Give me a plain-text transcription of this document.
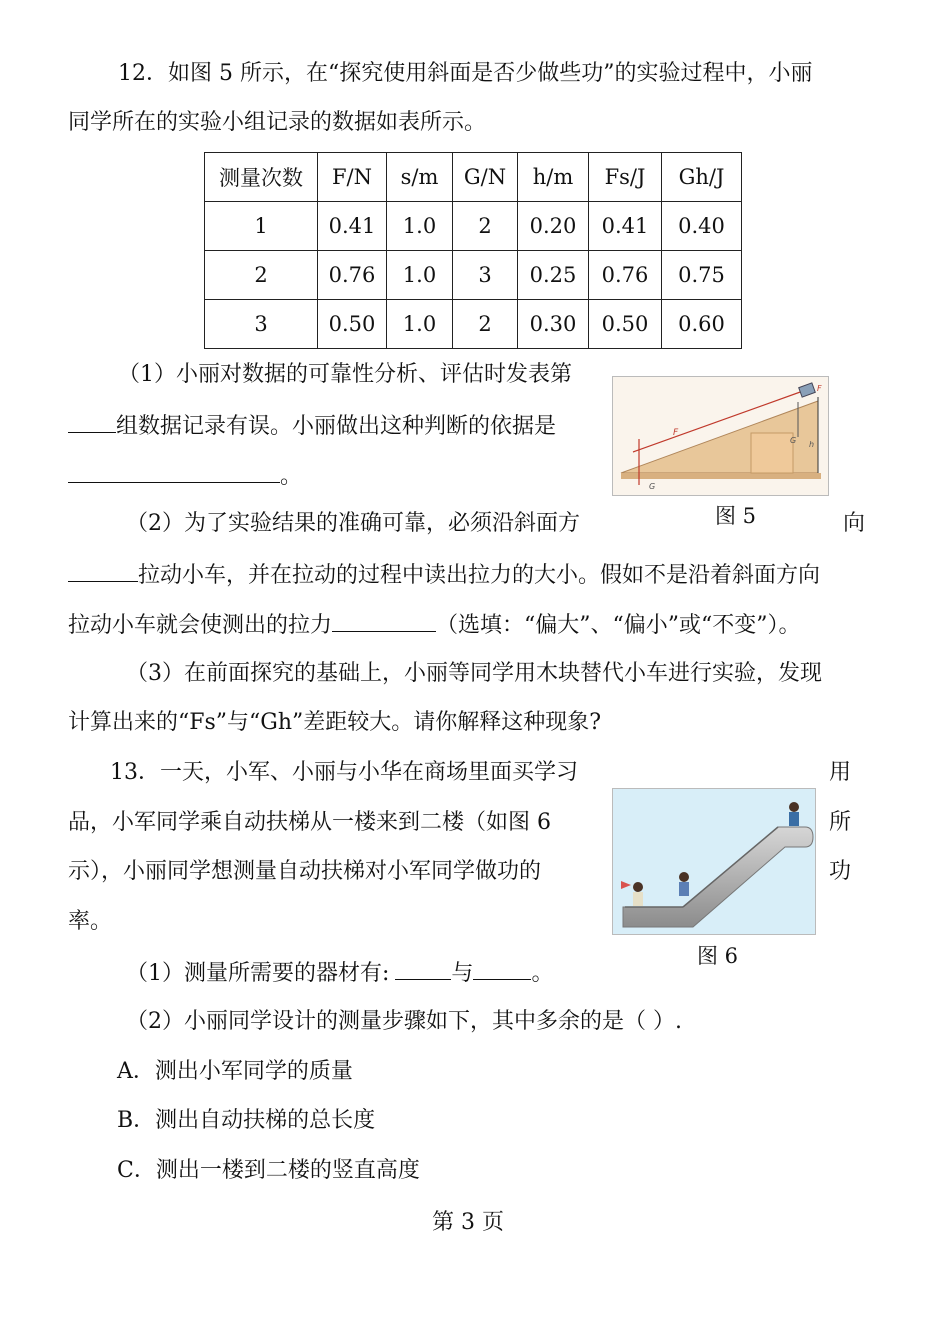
12．如图 5 所示，在“探究使用斜面是否少做些功”的实验过程中，小丽
同学所在的实验小组记录的数据如表所示。
测量次数	F/N	s/m	G/N	h/m	Fs/J	Gh/J
1	0.41	1.0	2	0.20	0.41	0.40
2	0.76	1.0	3	0.25	0.76	0.75
3	0.50	1.0	2	0.30	0.50	0.60
（1）小丽对数据的可靠性分析、评估时发表第
组数据记录有误。小丽做出这种判断的依据是
。
F
G
G h
F
图 5
（2）为了实验结果的准确可靠，必须沿斜面方	向
拉动小车，并在拉动的过程中读出拉力的大小。假如不是沿着斜面方向
拉动小车就会使测出的拉力	（选填：“偏大”、“偏小”或“不变”）。
（3）在前面探究的基础上，小丽等同学用木块替代小车进行实验，发现
计算出来的“Fs”与“Gh”差距较大。请你解释这种现象?
13．一天，小军、小丽与小华在商场里面买学习	用
品，小军同学乘自动扶梯从一楼来到二楼（如图 6	所
示），小丽同学想测量自动扶梯对小军同学做功的	功
率。
图 6
（1）测量所需要的器材有:	与	。
（2）小丽同学设计的测量步骤如下，其中多余的是（ ）.
A．测出小军同学的质量
B．测出自动扶梯的总长度
C．测出一楼到二楼的竖直高度
第 3 页
